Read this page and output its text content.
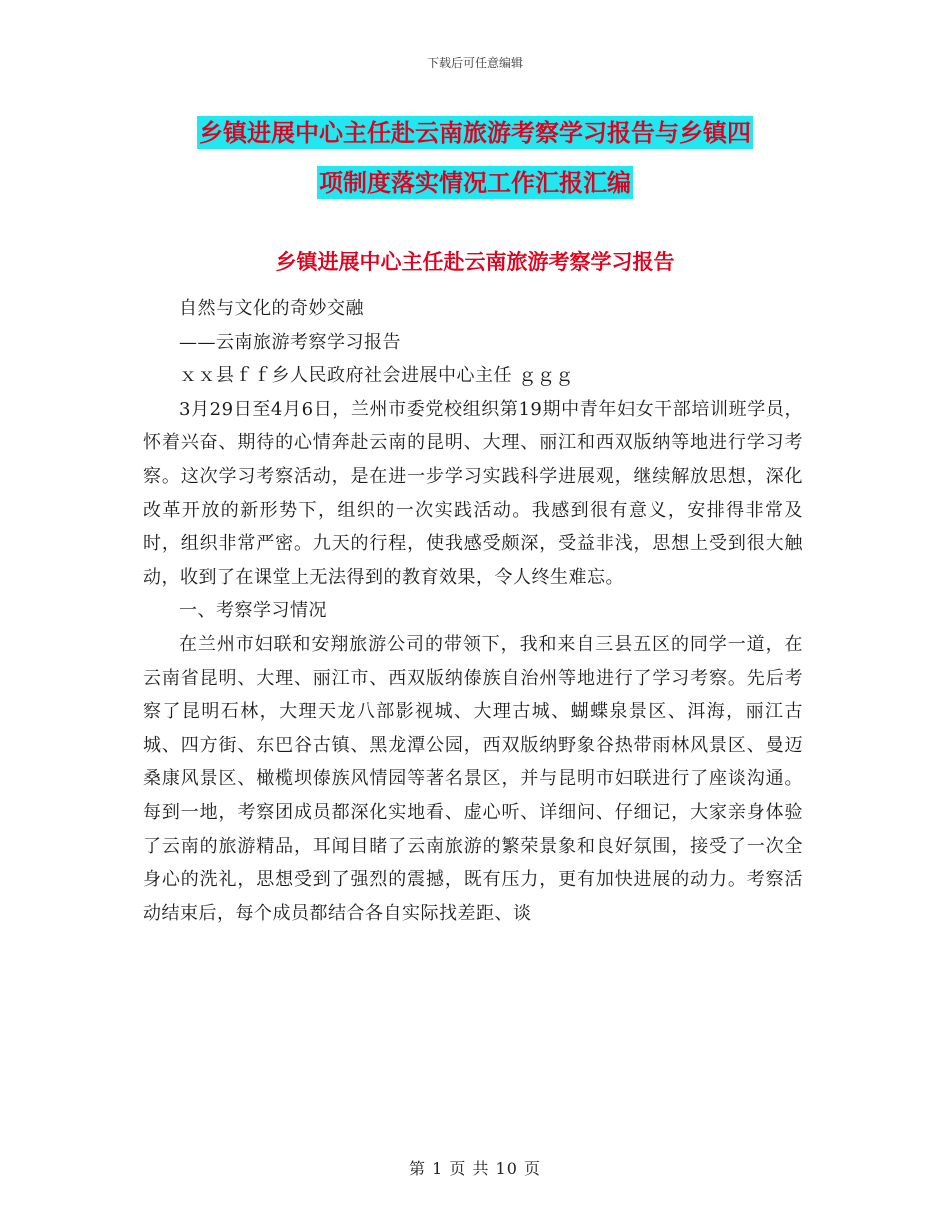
下载后可任意编辑
乡镇进展中心主任赴云南旅游考察学习报告与乡镇四
项制度落实情况工作汇报汇编
乡镇进展中心主任赴云南旅游考察学习报告

自然与文化的奇妙交融

——云南旅游考察学习报告

ｘｘ县ｆｆ乡人民政府社会进展中心主任 ｇｇｇ

3月29日至4月6日，兰州市委党校组织第19期中青年妇女干部培训班学员，怀着兴奋、期待的心情奔赴云南的昆明、大理、丽江和西双版纳等地进行学习考察。这次学习考察活动，是在进一步学习实践科学进展观，继续解放思想，深化改革开放的新形势下，组织的一次实践活动。我感到很有意义，安排得非常及时，组织非常严密。九天的行程，使我感受颇深，受益非浅，思想上受到很大触动，收到了在课堂上无法得到的教育效果，令人终生难忘。

一、考察学习情况

在兰州市妇联和安翔旅游公司的带领下，我和来自三县五区的同学一道，在云南省昆明、大理、丽江市、西双版纳傣族自治州等地进行了学习考察。先后考察了昆明石林，大理天龙八部影视城、大理古城、蝴蝶泉景区、洱海，丽江古城、四方街、东巴谷古镇、黑龙潭公园，西双版纳野象谷热带雨林风景区、曼迈桑康风景区、橄榄坝傣族风情园等著名景区，并与昆明市妇联进行了座谈沟通。每到一地，考察团成员都深化实地看、虚心听、详细问、仔细记，大家亲身体验了云南的旅游精品，耳闻目睹了云南旅游的繁荣景象和良好氛围，接受了一次全身心的洗礼，思想受到了强烈的震撼，既有压力，更有加快进展的动力。考察活动结束后，每个成员都结合各自实际找差距、谈

第 1 页 共 10 页
